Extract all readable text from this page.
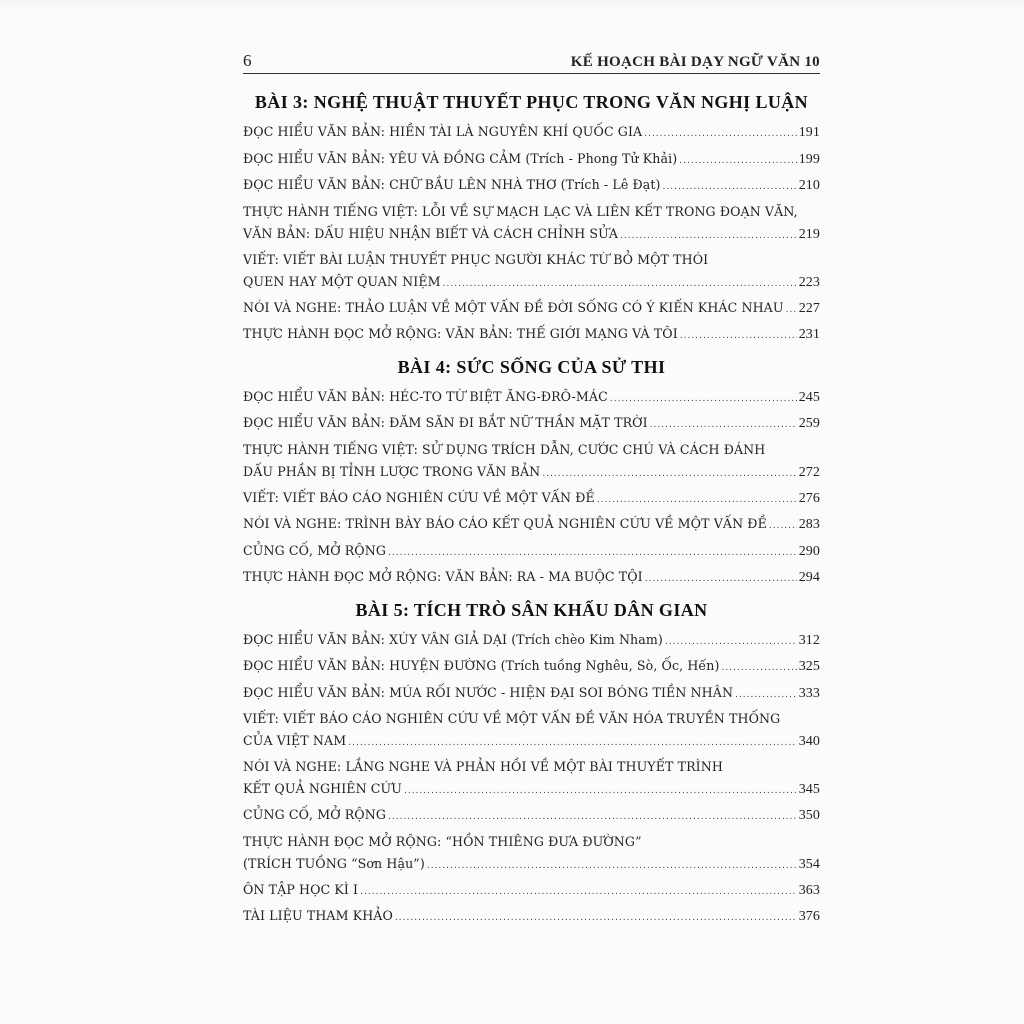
6	KẾ HOẠCH BÀI DẠY NGỮ VĂN 10
BÀI 3: NGHỆ THUẬT THUYẾT PHỤC TRONG VĂN NGHỊ LUẬN
ĐỌC HIỂU VĂN BẢN: HIỀN TÀI LÀ NGUYÊN KHÍ QUỐC GIA .....	191
ĐỌC HIỂU VĂN BẢN: YÊU VÀ ĐỒNG CẢM (Trích - Phong Tử Khải) .....	199
ĐỌC HIỂU VĂN BẢN: CHỮ BẦU LÊN NHÀ THƠ (Trích - Lê Đạt) .....	210
THỰC HÀNH TIẾNG VIỆT: LỖI VỀ SỰ MẠCH LẠC VÀ LIÊN KẾT TRONG ĐOẠN VĂN,
VĂN BẢN: DẤU HIỆU NHẬN BIẾT VÀ CÁCH CHỈNH SỬA .....	219
VIẾT: VIẾT BÀI LUẬN THUYẾT PHỤC NGƯỜI KHÁC TỪ BỎ MỘT THÓI
QUEN HAY MỘT QUAN NIỆM .....	223
NÓI VÀ NGHE: THẢO LUẬN VỀ MỘT VẤN ĐỀ ĐỜI SỐNG CÓ Ý KIẾN KHÁC NHAU ..... 227
THỰC HÀNH ĐỌC MỞ RỘNG: VĂN BẢN: THẾ GIỚI MẠNG VÀ TÔI .....	231
BÀI 4: SỨC SỐNG CỦA SỬ THI
ĐỌC HIỂU VĂN BẢN: HÉC-TO TỪ BIỆT ĂNG-ĐRÔ-MÁC .....	245
ĐỌC HIỂU VĂN BẢN: ĐĂM SĂN ĐI BẮT NỮ THẦN MẶT TRỜI .....	259
THỰC HÀNH TIẾNG VIỆT: SỬ DỤNG TRÍCH DẪN, CƯỚC CHÚ VÀ CÁCH ĐÁNH
DẤU PHẦN BỊ TỈNH LƯỢC TRONG VĂN BẢN .....	272
VIẾT: VIẾT BÁO CÁO NGHIÊN CỨU VỀ MỘT VẤN ĐỀ .....	276
NÓI VÀ NGHE: TRÌNH BÀY BÁO CÁO KẾT QUẢ NGHIÊN CỨU VỀ MỘT VẤN ĐỀ ..... 283
CỦNG CỐ, MỞ RỘNG .....	290
THỰC HÀNH ĐỌC MỞ RỘNG: VĂN BẢN: RA - MA BUỘC TỘI .....	294
BÀI 5: TÍCH TRÒ SÂN KHẤU DÂN GIAN
ĐỌC HIỂU VĂN BẢN: XÚY VÂN GIẢ DẠI (Trích chèo Kim Nham) .....	312
ĐỌC HIỂU VĂN BẢN: HUYỆN ĐƯỜNG (Trích tuồng Nghêu, Sò, Ốc, Hến) .....	325
ĐỌC HIỂU VĂN BẢN: MÚA RỐI NƯỚC - HIỆN ĐẠI SOI BÓNG TIỀN NHÂN .....	333
VIẾT: VIẾT BÁO CÁO NGHIÊN CỨU VỀ MỘT VẤN ĐỀ VĂN HÓA TRUYỀN THỐNG
CỦA VIỆT NAM .....	340
NÓI VÀ NGHE: LẮNG NGHE VÀ PHẢN HỒI VỀ MỘT BÀI THUYẾT TRÌNH
KẾT QUẢ NGHIÊN CỨU .....	345
CỦNG CỐ, MỞ RỘNG .....	350
THỰC HÀNH ĐỌC MỞ RỘNG: “HỒN THIÊNG ĐƯA ĐƯỜNG”
(TRÍCH TUỒNG “Sơn Hậu”) .....	354
ÔN TẬP HỌC KÌ I .....	363
TÀI LIỆU THAM KHẢO .....	376
